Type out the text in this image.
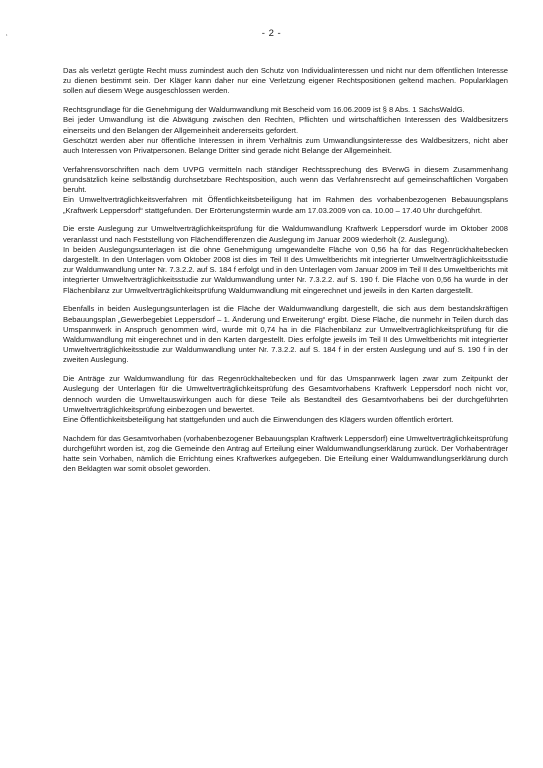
‘	- 2 -
Das als verletzt gerügte Recht muss zumindest auch den Schutz von Individualinteressen und nicht nur dem öffentlichen Interesse zu dienen bestimmt sein. Der Kläger kann daher nur eine Verletzung eigener Rechtspositionen geltend machen. Popularklagen sollen auf diesem Wege ausgeschlossen werden.
Rechtsgrundlage für die Genehmigung der Waldumwandlung mit Bescheid vom 16.06.2009 ist § 8 Abs. 1 SächsWaldG.
Bei jeder Umwandlung ist die Abwägung zwischen den Rechten, Pflichten und wirtschaftlichen Interessen des Waldbesitzers einerseits und den Belangen der Allgemeinheit andererseits gefordert.
Geschützt werden aber nur öffentliche Interessen in ihrem Verhältnis zum Umwandlungsinteresse des Waldbesitzers, nicht aber auch Interessen von Privatpersonen. Belange Dritter sind gerade nicht Belange der Allgemeinheit.
Verfahrensvorschriften nach dem UVPG vermitteln nach ständiger Rechtssprechung des BVerwG in diesem Zusammenhang grundsätzlich keine selbständig durchsetzbare Rechtsposition, auch wenn das Verfahrensrecht auf gemeinschaftlichen Vorgaben beruht.
Ein Umweltverträglichkeitsverfahren mit Öffentlichkeitsbeteiligung hat im Rahmen des vorhabenbezogenen Bebauungsplans „Kraftwerk Leppersdorf“ stattgefunden. Der Erörterungstermin wurde am 17.03.2009 von ca. 10.00 – 17.40 Uhr durchgeführt.
Die erste Auslegung zur Umweltverträglichkeitsprüfung für die Waldumwandlung Kraftwerk Leppersdorf wurde im Oktober 2008 veranlasst und nach Feststellung von Flächendifferenzen die Auslegung im Januar 2009 wiederholt (2. Auslegung).
In beiden Auslegungsunterlagen ist die ohne Genehmigung umgewandelte Fläche von 0,56 ha für das Regenrückhaltebecken dargestellt. In den Unterlagen vom Oktober 2008 ist dies im Teil II des Umweltberichts mit integrierter Umweltverträglichkeitsstudie zur Waldumwandlung unter Nr. 7.3.2.2. auf S. 184 f erfolgt und in den Unterlagen vom Januar 2009 im Teil II des Umweltberichts mit integrierter Umweltverträglichkeitsstudie zur Waldumwandlung unter Nr. 7.3.2.2. auf S. 190 f. Die Fläche von 0,56 ha wurde in der Flächenbilanz zur Umweltverträglichkeitsprüfung Waldumwandlung mit eingerechnet und jeweils in den Karten dargestellt.
Ebenfalls in beiden Auslegungsunterlagen ist die Fläche der Waldumwandlung dargestellt, die sich aus dem bestandskräftigen Bebauungsplan „Gewerbegebiet Leppersdorf – 1. Änderung und Erweiterung“ ergibt. Diese Fläche, die nunmehr in Teilen durch das Umspannwerk in Anspruch genommen wird, wurde mit 0,74 ha in die Flächenbilanz zur Umweltverträglichkeitsprüfung für die Waldumwandlung mit eingerechnet und in den Karten dargestellt. Dies erfolgte jeweils im Teil II des Umweltberichts mit integrierter Umweltverträglichkeitsstudie zur Waldumwandlung unter Nr. 7.3.2.2. auf S. 184 f in der ersten Auslegung und auf S. 190 f in der zweiten Auslegung.
Die Anträge zur Waldumwandlung für das Regenrückhaltebecken und für das Umspannwerk lagen zwar zum Zeitpunkt der Auslegung der Unterlagen für die Umweltverträglichkeitsprüfung des Gesamtvorhabens Kraftwerk Leppersdorf noch nicht vor, dennoch wurden die Umweltauswirkungen auch für diese Teile als Bestandteil des Gesamtvorhabens bei der durchgeführten Umweltverträglichkeitsprüfung einbezogen und bewertet.
Eine Öffentlichkeitsbeteiligung hat stattgefunden und auch die Einwendungen des Klägers wurden öffentlich erörtert.
Nachdem für das Gesamtvorhaben (vorhabenbezogener Bebauungsplan Kraftwerk Leppersdorf) eine Umweltverträglichkeitsprüfung durchgeführt worden ist, zog die Gemeinde den Antrag auf Erteilung einer Waldumwandlungserklärung zurück. Der Vorhabenträger hatte sein Vorhaben, nämlich die Errichtung eines Kraftwerkes aufgegeben. Die Erteilung einer Waldumwandlungserklärung durch den Beklagten war somit obsolet geworden.
